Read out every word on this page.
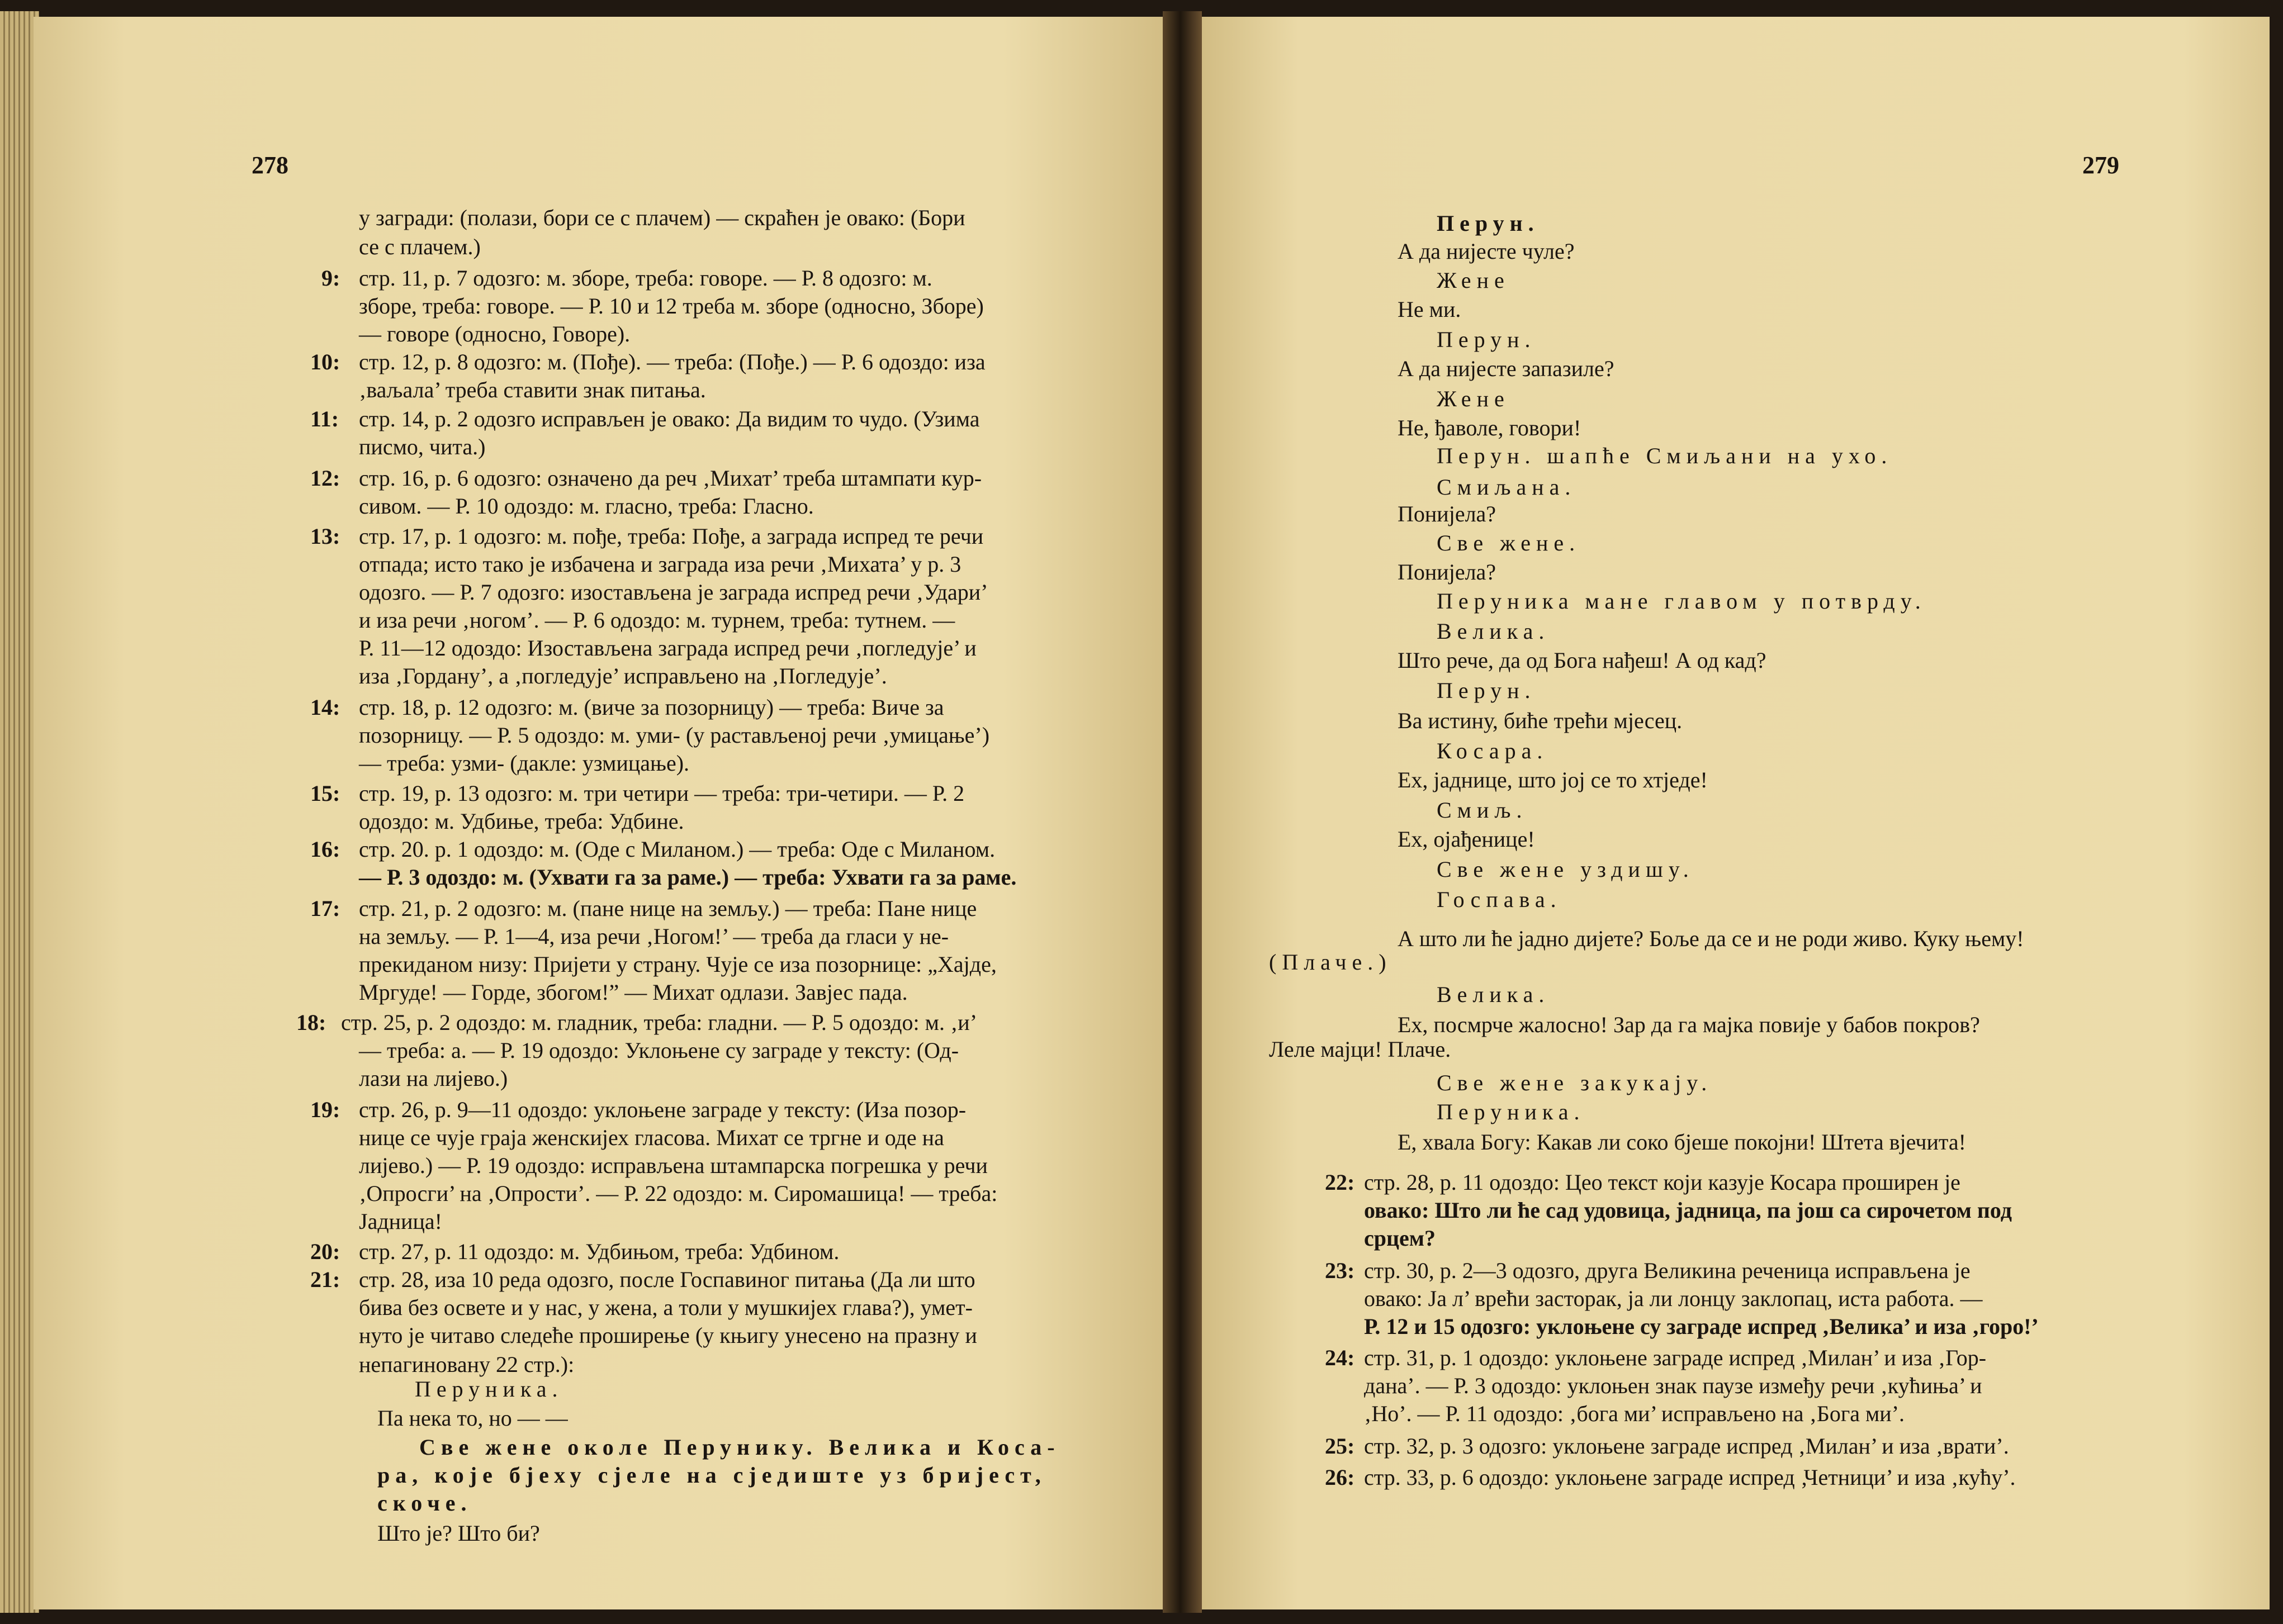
278
у загради: (полази, бори се с плачем) — скраћен је овако: (Бори
се с плачем.)
стр. 11, р. 7 одозго: м. зборе, треба: говоре. — Р. 8 одозго: м.
зборе, треба: говоре. — Р. 10 и 12 треба м. зборе (односно, Зборе)
— говоре (односно, Говоре).
стр. 12, р. 8 одозго: м. (Пође). — треба: (Пође.) — Р. 6 одоздо: иза
‚ваљала’ треба ставити знак питања.
стр. 14, р. 2 одозго исправљен је овако: Да видим то чудо. (Узима
писмо, чита.)
стр. 16, р. 6 одозго: означено да реч ‚Михат’ треба штампати кур-
сивом. — Р. 10 одоздо: м. гласно, треба: Гласно.
стр. 17, р. 1 одозго: м. пође, треба: Пође, а заграда испред те речи
отпада; исто тако је избачена и заграда иза речи ‚Михата’ у р. 3
одозго. — Р. 7 одозго: изостављена је заграда испред речи ‚Удари’
и иза речи ‚ногом’. — Р. 6 одоздо: м. турнем, треба: тутнем. —
Р. 11—12 одоздо: Изостављена заграда испред речи ‚погледује’ и
иза ‚Гордану’, а ‚погледује’ исправљено на ‚Погледује’.
стр. 18, р. 12 одозго: м. (виче за позорницу) — треба: Виче за
позорницу. — Р. 5 одоздо: м. уми- (у растављеној речи ‚умицање’)
— треба: узми- (дакле: узмицање).
стр. 19, р. 13 одозго: м. три четири — треба: три-четири. — Р. 2
одоздо: м. Удбиње, треба: Удбине.
стр. 20. р. 1 одоздо: м. (Оде с Миланом.) — треба: Оде с Миланом.
— Р. 3 одоздо: м. (Ухвати га за раме.) — треба: Ухвати га за раме.
стр. 21, р. 2 одозго: м. (пане нице на земљу.) — треба: Пане нице
на земљу. — Р. 1—4, иза речи ‚Ногом!’ — треба да гласи у не-
прекиданом низу: Пријети у страну. Чује се иза позорнице: „Хајде,
Мргуде! — Горде, збогом!” — Михат одлази. Завјес пада.
стр. 25, р. 2 одоздо: м. гладник, треба: гладни. — Р. 5 одоздо: м. ‚и’
— треба: а. — Р. 19 одоздо: Уклоњене су заграде у тексту: (Од-
лази на лијево.)
стр. 26, р. 9—11 одоздо: уклоњене заграде у тексту: (Иза позор-
нице се чује граја женскијех гласова. Михат се тргне и оде на
лијево.) — Р. 19 одоздо: исправљена штампарска погрешка у речи
‚Опросги’ на ‚Опрости’. — Р. 22 одоздо: м. Сиромашица! — треба:
Јадница!
стр. 27, р. 11 одоздо: м. Удбињом, треба: Удбином.
стр. 28, иза 10 реда одозго, после Госпавиног питања (Да ли што
бива без осветe и у нас, у жена, а толи у мушкијех глава?), умет-
нуто је читаво следеће проширење (у књигу унесено на празну и
непагиновану 22 стр.):
Перуника.
Па нека то, но — —
Све жене околе Перунику. Велика и Коса-
ра, које бјеху сјеле на сједиште уз бријест,
скоче.
Што је? Што би?
9:
10:
11:
12:
13:
14:
15:
16:
17:
18:
19:
20:
21:
279
Перун.
А да нијесте чуле?
Жене
Не ми.
Перун.
А да нијесте запазиле?
Жене
Не, ђаволе, говори!
Перун. шапће Смиљани на ухо.
Смиљана.
Понијела?
Све жене.
Понијела?
Перуника мане главом у потврду.
Велика.
Што рече, да од Бога нађеш! А од кад?
Перун.
Ва истину, биће трећи мјесец.
Косара.
Ех, јаднице, што јој се то хтједе!
Смиљ.
Ех, ојађенице!
Све жене уздишу.
Госпава.
А што ли ће јадно дијете? Боље да се и не роди живо. Куку њему!
(Плаче.)
Велика.
Ех, посмрче жалосно! Зар да га мајка повије у бабов покров?
Леле мајци! Плаче.
Све жене закукају.
Перуника.
Е, хвала Богу: Какав ли соко бјеше покојни! Штета вјечита!
стр. 28, р. 11 одоздо: Цео текст који казује Косара проширен је
овако: Што ли ће сад удовица, јадница, па још са сирочетом под
срцем?
стр. 30, р. 2—3 одозго, друга Великина реченица исправљена је
овако: Ја л’ врећи засторак, ја ли лонцу заклопац, иста работа. —
Р. 12 и 15 одозго: уклоњене су заграде испред ‚Велика’ и иза ‚горо!’
стр. 31, р. 1 одоздо: уклоњене заграде испред ‚Милан’ и иза ‚Гор-
дана’. — Р. 3 одоздо: уклоњен знак паузе између речи ‚кућиња’ и
‚Но’. — Р. 11 одоздо: ‚бога ми’ исправљено на ‚Бога ми’.
стр. 32, р. 3 одозго: уклоњене заграде испред ‚Милан’ и иза ‚врати’.
стр. 33, р. 6 одоздо: уклоњене заграде испред ‚Четници’ и иза ‚кућу’.
22:
23:
24:
25:
26:
